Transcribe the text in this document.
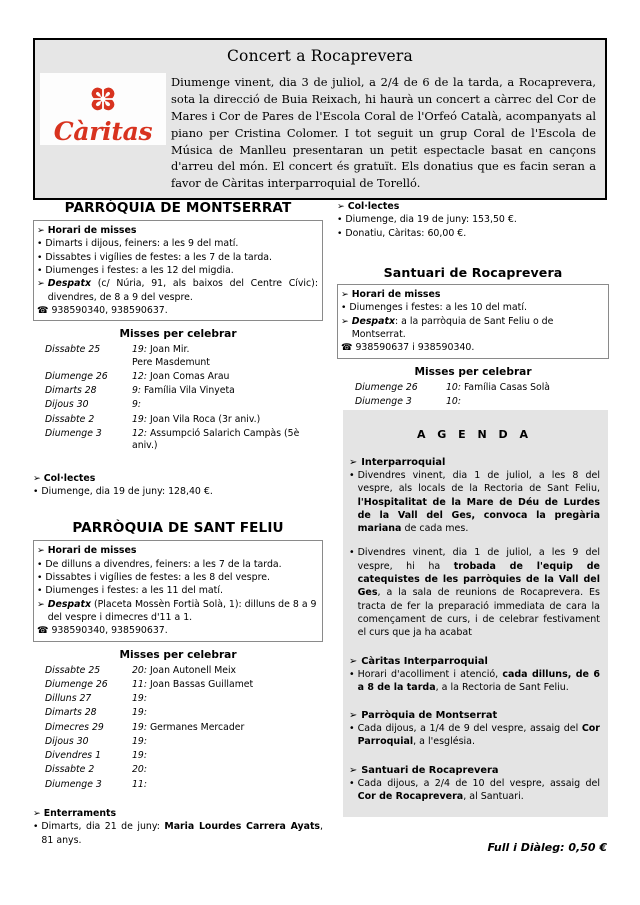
Concert a Rocaprevera
Càritas
Diumenge vinent, dia 3 de juliol, a 2/4 de 6 de la tarda, a Rocaprevera, sota la direcció de Buia Reixach, hi haurà un concert a càrrec del Cor de Mares i Cor de Pares de l'Escola Coral de l'Orfeó Català, acompanyats al piano per Cristina Colomer. I tot seguit un grup Coral de l'Escola de Música de Manlleu presentaran un petit espectacle basat en cançons d'arreu del món. El concert és gratuït. Els donatius que es facin seran a favor de Càritas interparroquial de Torelló.
PARRÒQUIA DE MONTSERRAT
➢ Horari de misses
• Dimarts i dijous, feiners: a les 9 del matí.
• Dissabtes i vigílies de festes: a les 7 de la tarda.
• Diumenges i festes: a les 12 del migdia.
➢ Despatx (c/ Núria, 91, als baixos del Centre Cívic): divendres, de 8 a 9 del vespre.
☎ 938590340, 938590637.
Misses per celebrar
Dissabte 25	19: Joan Mir.
Pere Masdemunt
Diumenge 26	12: Joan Comas Arau
Dimarts 28	9: Família Vila Vinyeta
Dijous 30	9:
Dissabte 2	19: Joan Vila Roca (3r aniv.)
Diumenge 3	12: Assumpció Salarich Campàs (5è aniv.)
➢ Col·lectes
• Diumenge, dia 19 de juny: 128,40 €.
PARRÒQUIA DE SANT FELIU
➢ Horari de misses
• De dilluns a divendres, feiners: a les 7 de la tarda.
• Dissabtes i vigílies de festes: a les 8 del vespre.
• Diumenges i festes: a les 11 del matí.
➢ Despatx (Placeta Mossèn Fortià Solà, 1): dilluns de 8 a 9 del vespre i dimecres d'11 a 1.
☎ 938590340, 938590637.
Misses per celebrar
Dissabte 25	20: Joan Autonell Meix
Diumenge 26	11: Joan Bassas Guillamet
Dilluns 27	19:
Dimarts 28	19:
Dimecres 29	19: Germanes Mercader
Dijous 30	19:
Divendres 1	19:
Dissabte 2	20:
Diumenge 3	11:
➢ Enterraments
• Dimarts, dia 21 de juny: Maria Lourdes Carrera Ayats, 81 anys.
➢ Col·lectes
• Diumenge, dia 19 de juny: 153,50 €.
• Donatiu, Càritas: 60,00 €.
Santuari de Rocaprevera
➢ Horari de misses
• Diumenges i festes: a les 10 del matí.
➢ Despatx: a la parròquia de Sant Feliu o de Montserrat.
☎ 938590637 i 938590340.
Misses per celebrar
Diumenge 26	10: Família Casas Solà
Diumenge 3	10:
A G E N D A
➢ Interparroquial
• Divendres vinent, dia 1 de juliol, a les 8 del vespre, als locals de la Rectoria de Sant Feliu, l'Hospitalitat de la Mare de Déu de Lurdes de la Vall del Ges, convoca la pregària mariana de cada mes.
• Divendres vinent, dia 1 de juliol, a les 9 del vespre, hi ha trobada de l'equip de catequistes de les parròquies de la Vall del Ges, a la sala de reunions de Rocaprevera. Es tracta de fer la preparació immediata de cara la començament de curs, i de celebrar festivament el curs que ja ha acabat
➢ Càritas Interparroquial
• Horari d'acolliment i atenció, cada dilluns, de 6 a 8 de la tarda, a la Rectoria de Sant Feliu.
➢ Parròquia de Montserrat
• Cada dijous, a 1/4 de 9 del vespre, assaig del Cor Parroquial, a l'església.
➢ Santuari de Rocaprevera
• Cada dijous, a 2/4 de 10 del vespre, assaig del Cor de Rocaprevera, al Santuari.
Full i Diàleg: 0,50 €
